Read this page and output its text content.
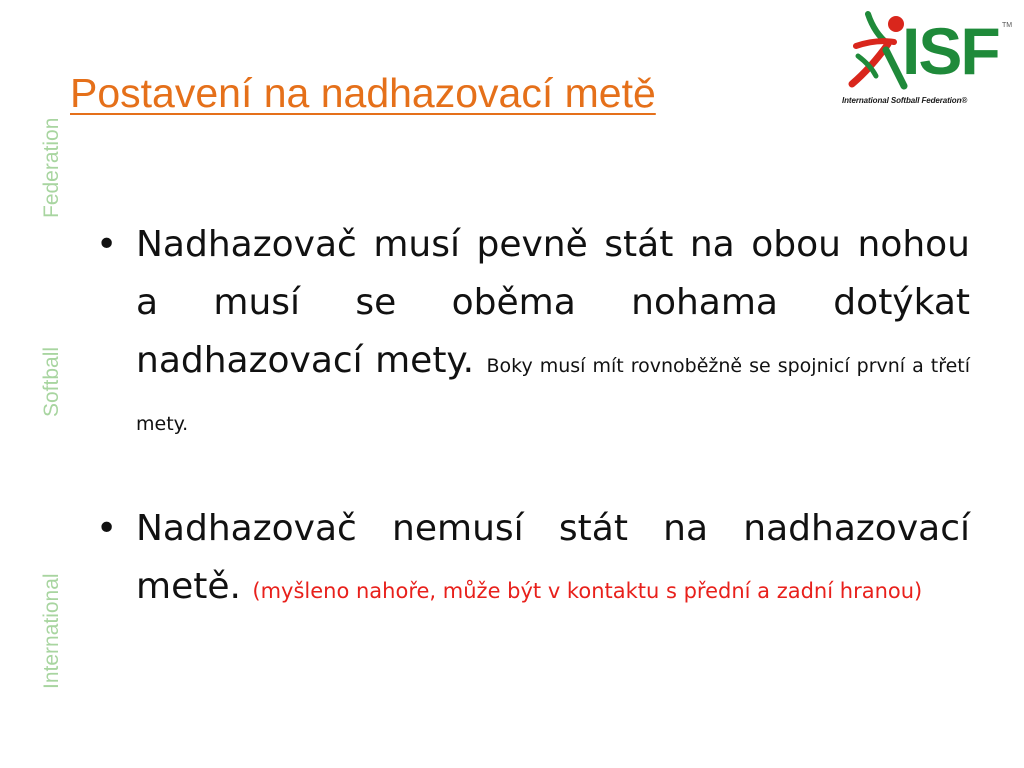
Federation
Softball
International
Postavení na nadhazovací metě
ISF TM
International Softball Federation®

• Nadhazovač musí pevně stát na obou nohou a musí se oběma nohama dotýkat nadhazovací mety. Boky musí mít rovnoběžně se spojnicí první a třetí mety.

• Nadhazovač nemusí stát na nadhazovací metě. (myšleno nahoře, může být v kontaktu s přední a zadní hranou)
